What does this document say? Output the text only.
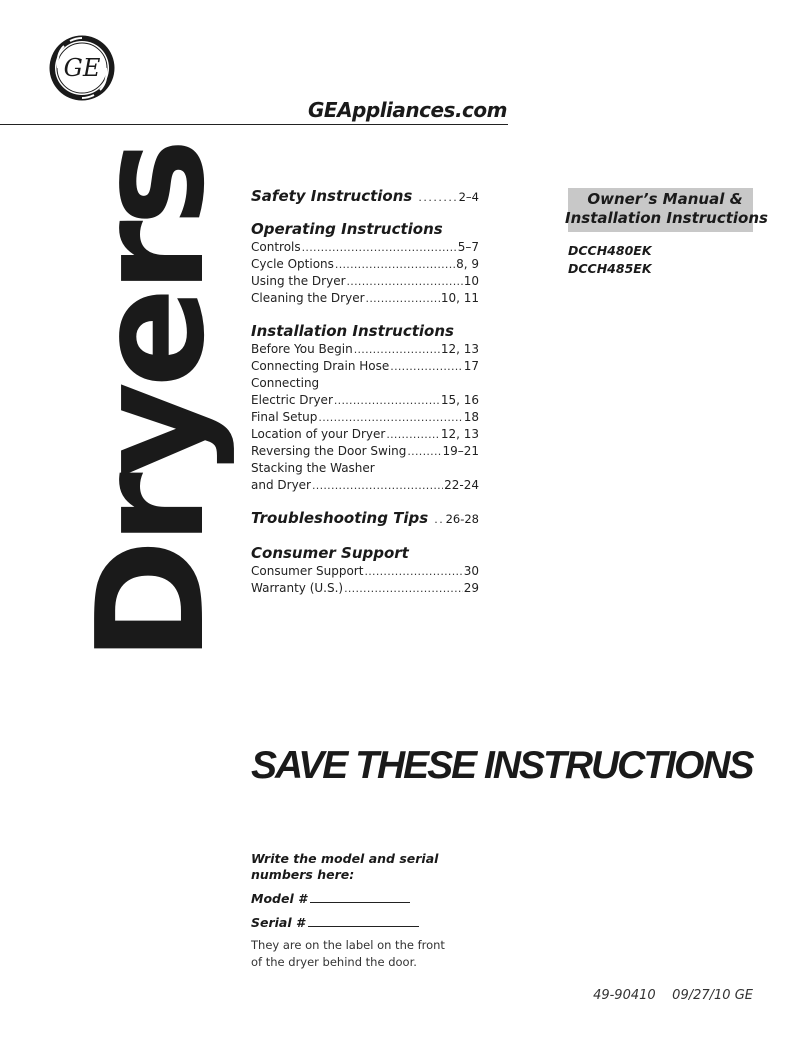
GE
GEAppliances.com
Dryers Safety Instructions . . .	2–4
Operating Instructions
Controls . . .	5–7
Cycle Options . . .	8, 9
Using the Dryer . . .	10
Cleaning the Dryer . . .	10, 11
Installation Instructions
Before You Begin . . .	12, 13
Connecting Drain Hose . . .	17
Connecting
Electric Dryer . . .	15, 16
Final Setup . . .	18
Location of your Dryer . . .	12, 13
Reversing the Door Swing . . .	19–21
Stacking the Washer
and Dryer . . .	22-24
Troubleshooting Tips . . . 26-28
Consumer Support
Consumer Support . . .	30
Warranty (U.S.) . . .	29
Owner’s Manual &
Installation Instructions
DCCH480EK
DCCH485EK
SAVE THESE INSTRUCTIONS
Write the model and serial numbers here:
Model #
Serial #
They are on the label on the front of the dryer behind the door.
49-90410    09/27/10 GE
